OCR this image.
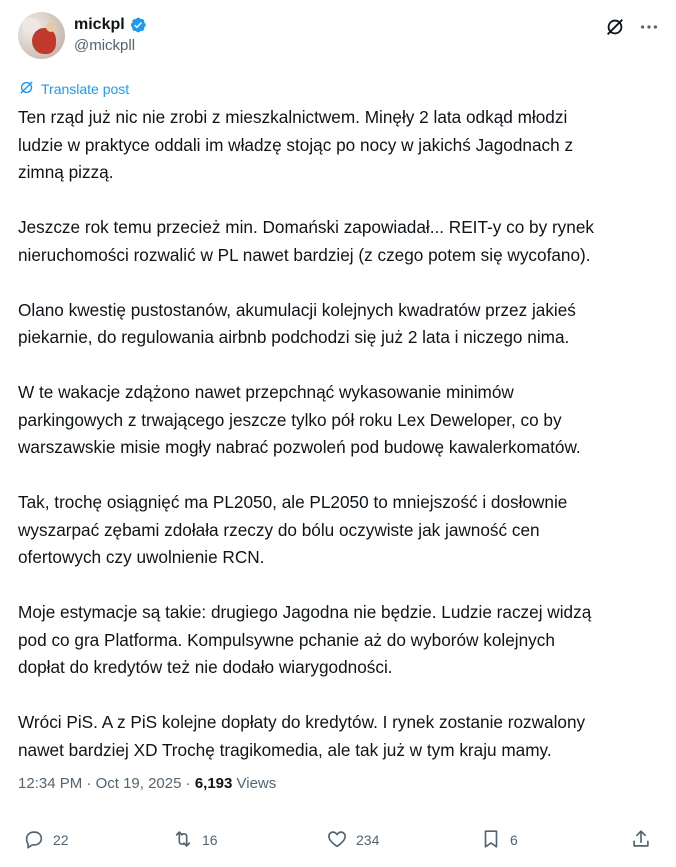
mickpl
@mickpll
Translate post

Ten rząd już nic nie zrobi z mieszkalnictwem. Minęły 2 lata odkąd młodzi
ludzie w praktyce oddali im władzę stojąc po nocy w jakichś Jagodnach z
zimną pizzą.

Jeszcze rok temu przecież min. Domański zapowiadał... REIT-y co by rynek
nieruchomości rozwalić w PL nawet bardziej (z czego potem się wycofano).

Olano kwestię pustostanów, akumulacji kolejnych kwadratów przez jakieś
piekarnie, do regulowania airbnb podchodzi się już 2 lata i niczego nima.

W te wakacje zdążono nawet przepchnąć wykasowanie minimów
parkingowych z trwającego jeszcze tylko pół roku Lex Deweloper, co by
warszawskie misie mogły nabrać pozwoleń pod budowę kawalerkomatów.

Tak, trochę osiągnięć ma PL2050, ale PL2050 to mniejszość i dosłownie
wyszarpać zębami zdołała rzeczy do bólu oczywiste jak jawność cen
ofertowych czy uwolnienie RCN.

Moje estymacje są takie: drugiego Jagodna nie będzie. Ludzie raczej widzą
pod co gra Platforma. Kompulsywne pchanie aż do wyborów kolejnych
dopłat do kredytów też nie dodało wiarygodności.

Wróci PiS. A z PiS kolejne dopłaty do kredytów. I rynek zostanie rozwalony
nawet bardziej XD Trochę tragikomedia, ale tak już w tym kraju mamy.

12:34 PM · Oct 19, 2025 · 6,193 Views
22	16	234	6
